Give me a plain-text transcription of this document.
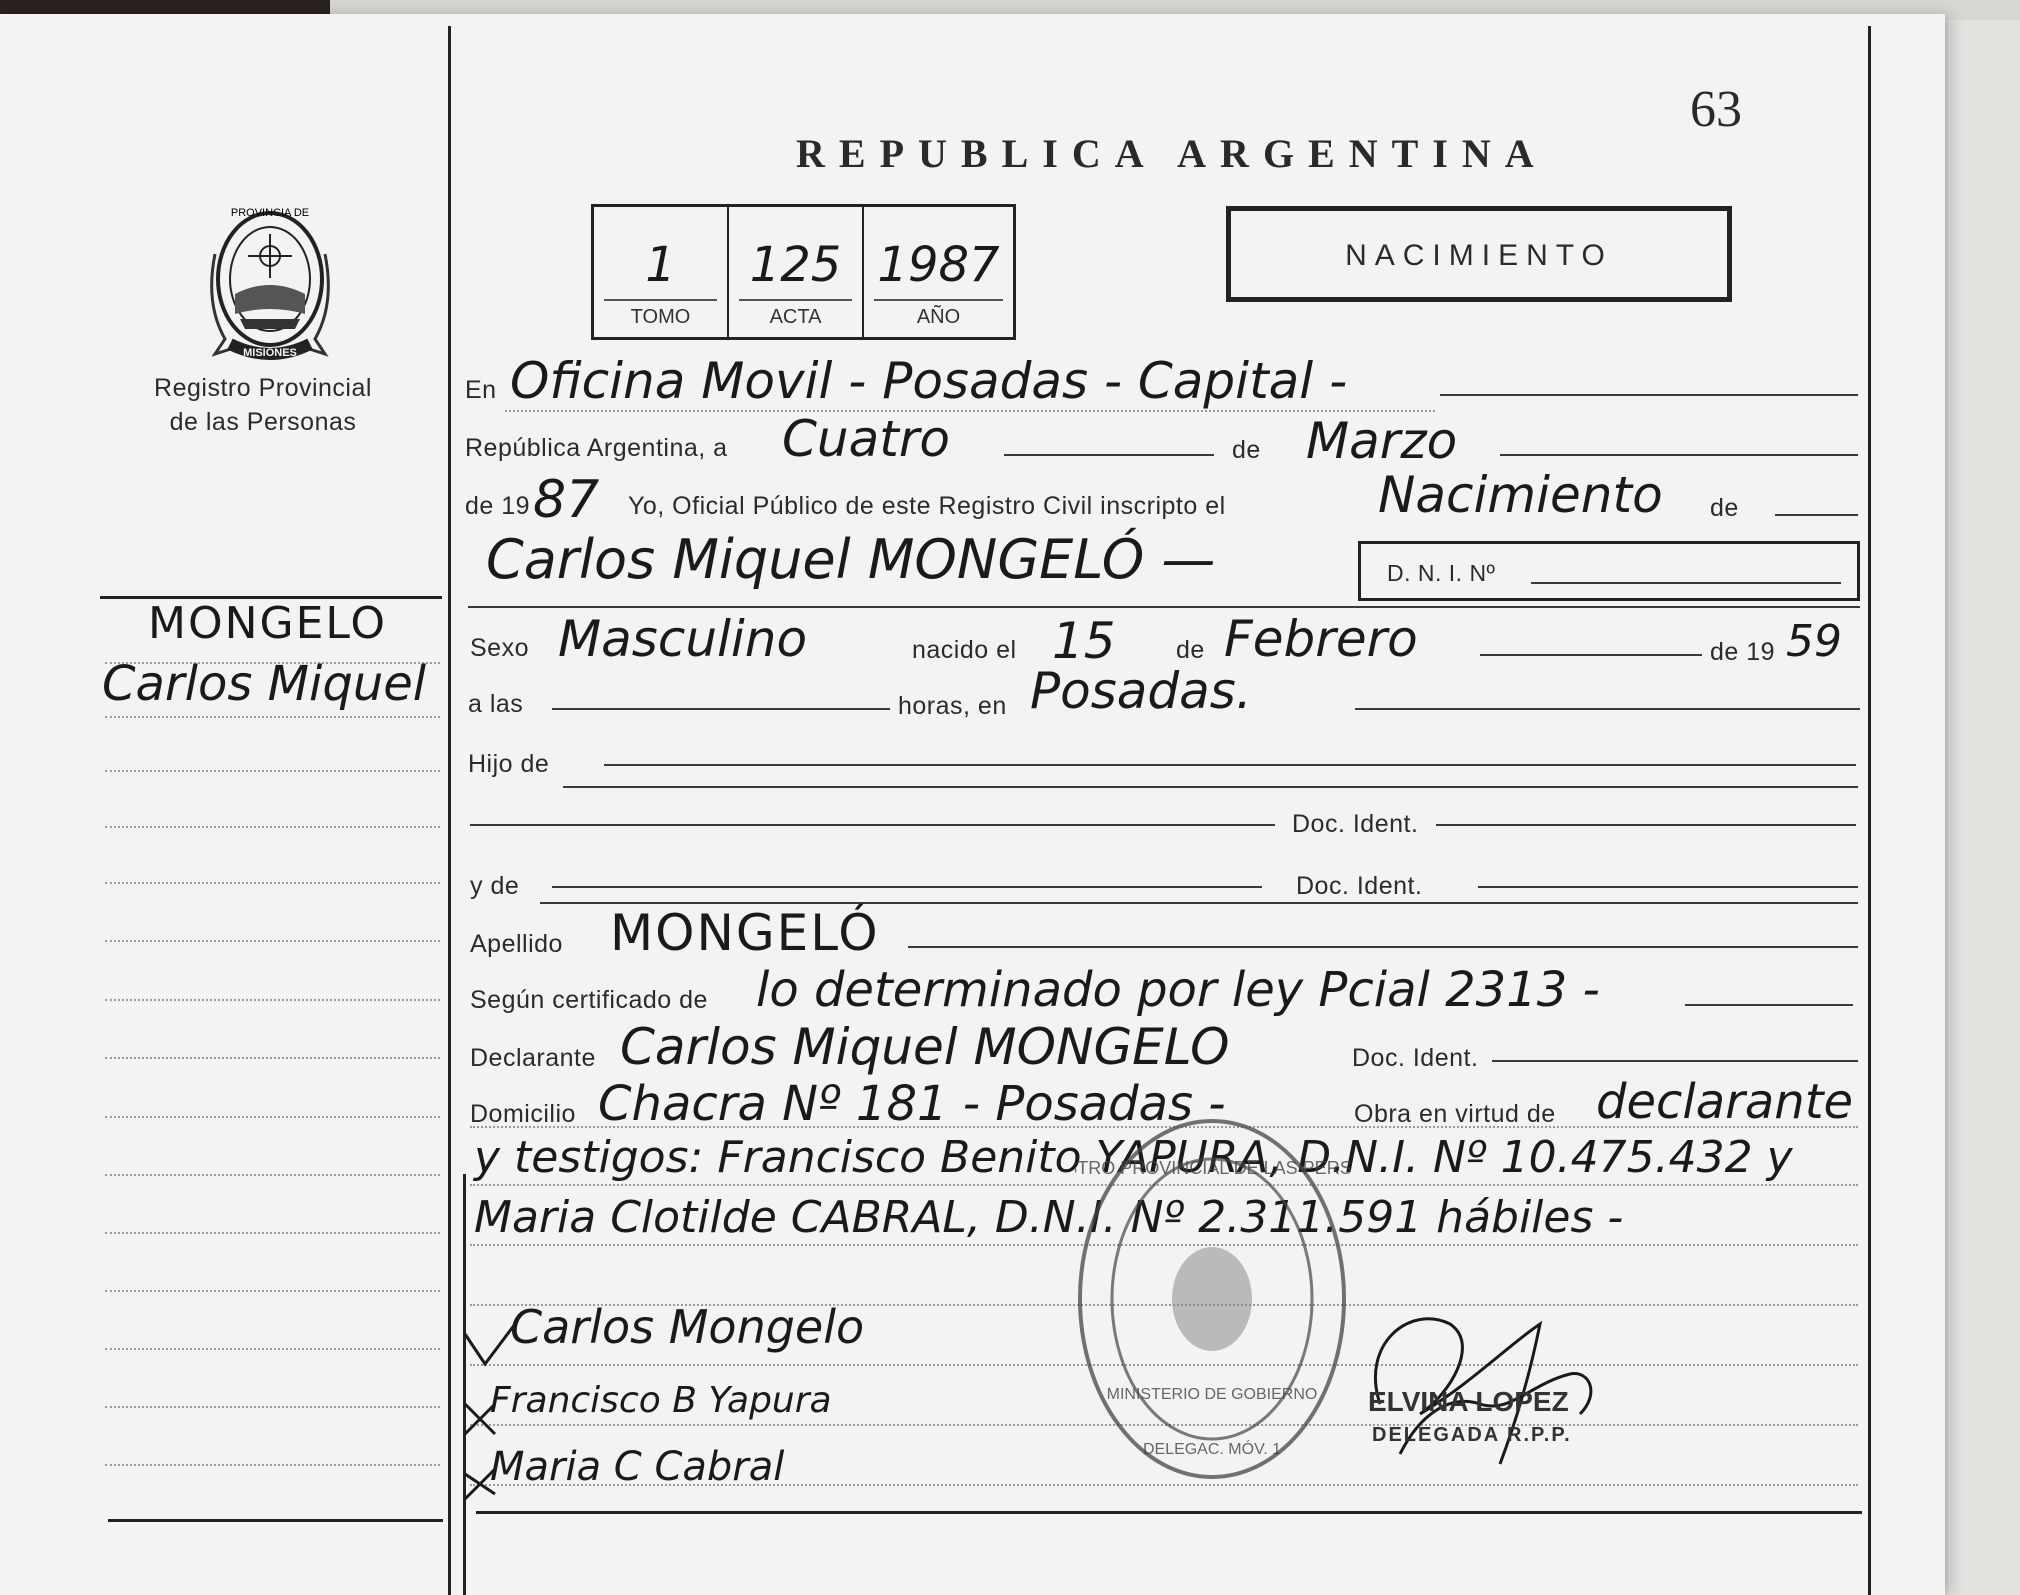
63
PROVINCIA DE
MISIONES
Registro Provincial
de las Personas
MONGELO
Carlos Miquel
REPUBLICA ARGENTINA
1
TOMO
125
ACTA
1987
AÑO
NACIMIENTO
En Oficina Movil - Posadas - Capital -
República Argentina, a Cuatro	de Marzo
de 19 87 Yo, Oficial Público de este Registro Civil inscripto el	Nacimiento de
Carlos Miquel MONGELÓ —	D. N. I. Nº
Sexo Masculino	nacido el 15 de Febrero	de 19 59
a las	horas, en Posadas.
Hijo de
Doc. Ident.
y de	Doc. Ident.
Apellido MONGELÓ
Según certificado de lo determinado por ley Pcial 2313 -
Declarante Carlos Miquel MONGELO	Doc. Ident.
Domicilio Chacra Nº 181 - Posadas -	Obra en virtud de declarante
y testigos: Francisco Benito YAPURA, D.N.I. Nº 10.475.432 y
Maria Clotilde CABRAL, D.N.I. Nº 2.311.591 hábiles -
TRO PROVINCIAL DE LAS PERS
MINISTERIO DE GOBIERNO
DELEGAC. MÓV. 1
ELVINA LOPEZ
DELEGADA R.P.P.
Carlos Mongelo
Francisco B Yapura
Maria C Cabral
